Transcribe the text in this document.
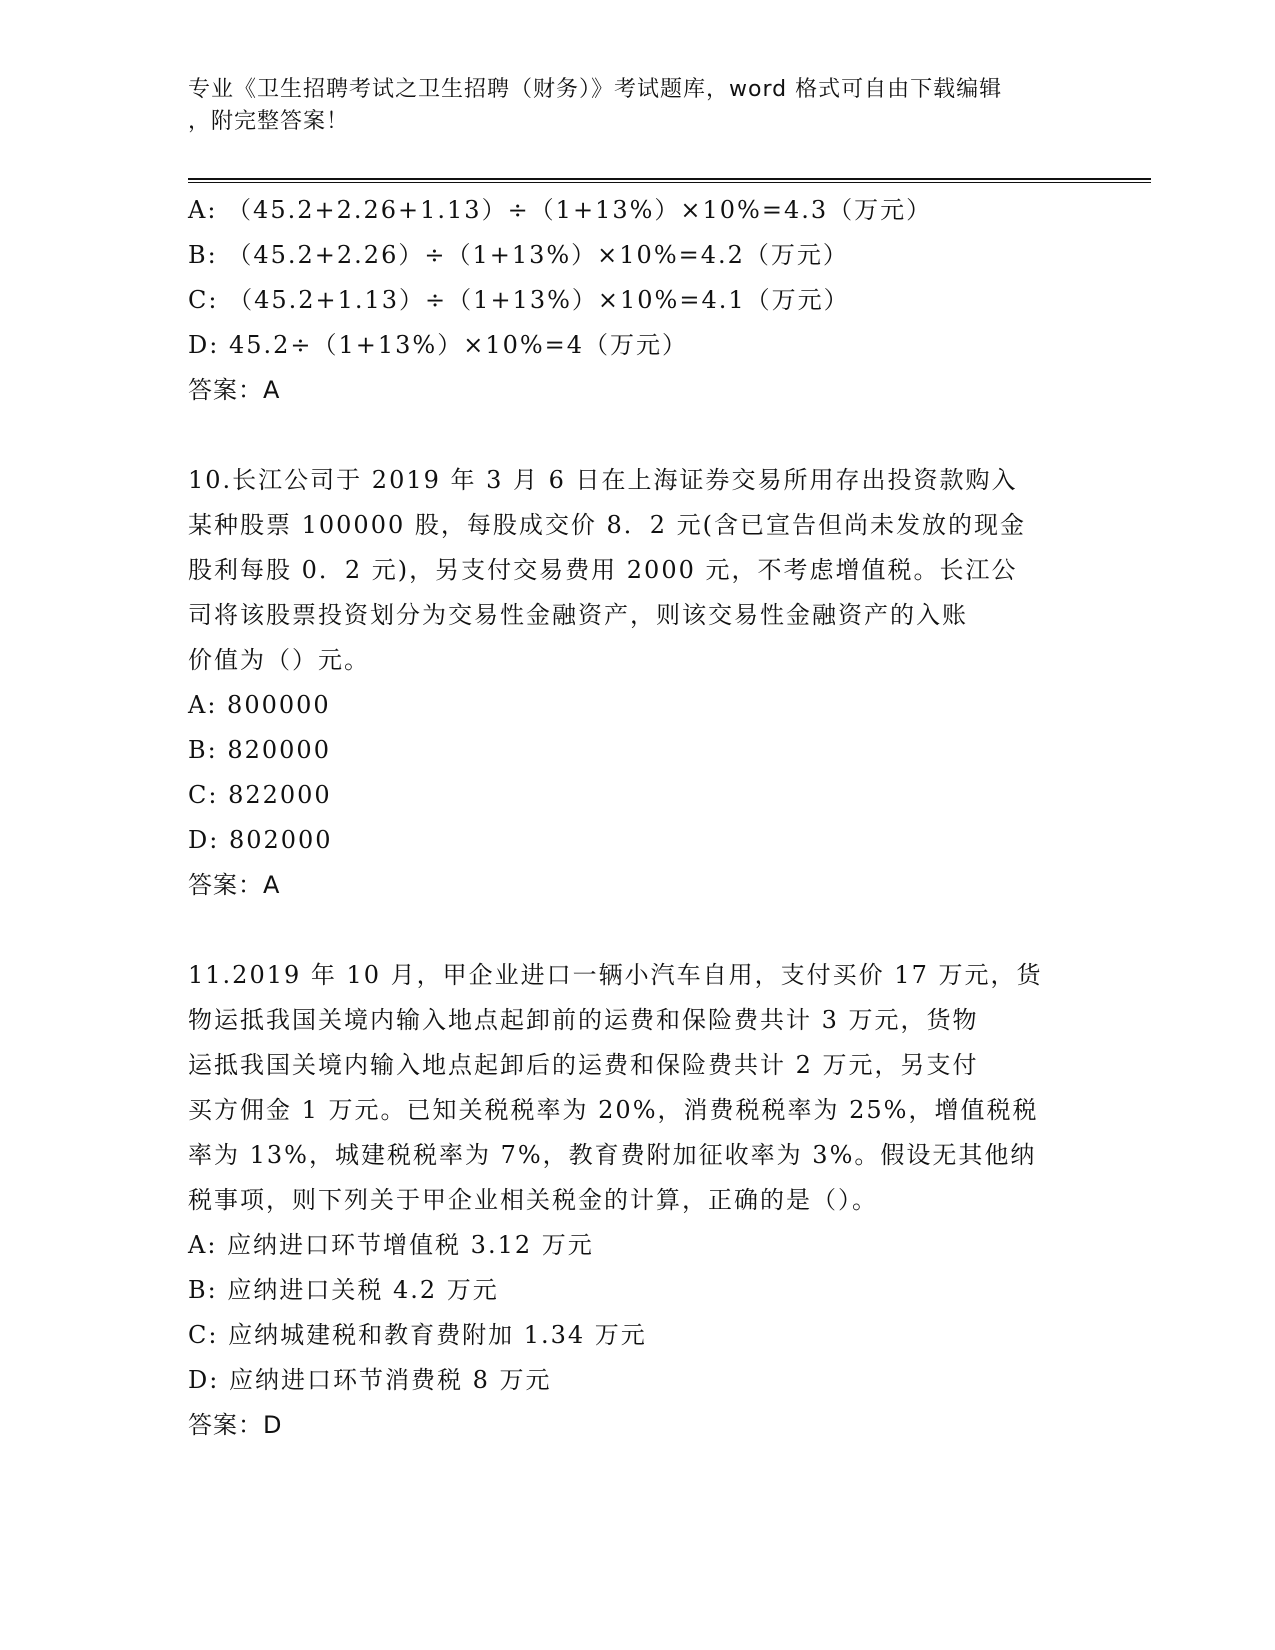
专业《卫生招聘考试之卫生招聘（财务）》考试题库，word 格式可自由下载编辑
，附完整答案！
A: （45.2+2.26+1.13）÷（1+13%）×10%=4.3（万元）
B: （45.2+2.26）÷（1+13%）×10%=4.2（万元）
C: （45.2+1.13）÷（1+13%）×10%=4.1（万元）
D: 45.2÷（1+13%）×10%=4（万元）
答案：A
10.长江公司于 2019 年 3 月 6 日在上海证券交易所用存出投资款购入
某种股票 100000 股，每股成交价 8．2 元(含已宣告但尚未发放的现金
股利每股 0．2 元)，另支付交易费用 2000 元，不考虑增值税。长江公
司将该股票投资划分为交易性金融资产，则该交易性金融资产的入账
价值为（）元。
A: 800000
B: 820000
C: 822000
D: 802000
答案：A
11.2019 年 10 月，甲企业进口一辆小汽车自用，支付买价 17 万元，货
物运抵我国关境内输入地点起卸前的运费和保险费共计 3 万元，货物
运抵我国关境内输入地点起卸后的运费和保险费共计 2 万元，另支付
买方佣金 1 万元。已知关税税率为 20%，消费税税率为 25%，增值税税
率为 13%，城建税税率为 7%，教育费附加征收率为 3%。假设无其他纳
税事项，则下列关于甲企业相关税金的计算，正确的是（）。
A: 应纳进口环节增值税 3.12 万元
B: 应纳进口关税 4.2 万元
C: 应纳城建税和教育费附加 1.34 万元
D: 应纳进口环节消费税 8 万元
答案：D
